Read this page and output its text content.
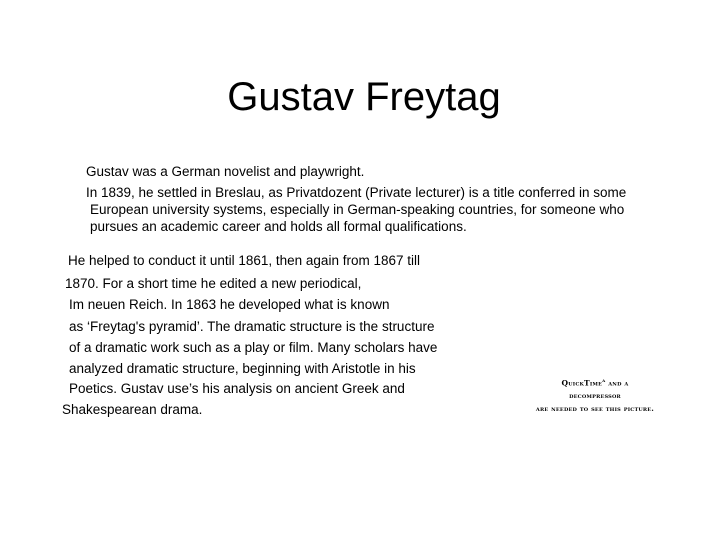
Gustav Freytag

Gustav was a German novelist and playwright.

In 1839, he settled in Breslau, as Privatdozent (Private lecturer) is a title conferred in some

European university systems, especially in German-speaking countries, for someone who

pursues an academic career and holds all formal qualifications.

He helped to conduct it until 1861, then again from 1867 till

1870. For a short time he edited a new periodical,

Im neuen Reich. In 1863 he developed what is known

as ‘Freytag's pyramid’. The dramatic structure is the structure

of a dramatic work such as a play or film. Many scholars have

analyzed dramatic structure, beginning with Aristotle in his

Poetics. Gustav use’s his analysis on ancient Greek and

Shakespearean drama.

QuickTime$^a$ and a
decompressor
are needed to see this picture.
